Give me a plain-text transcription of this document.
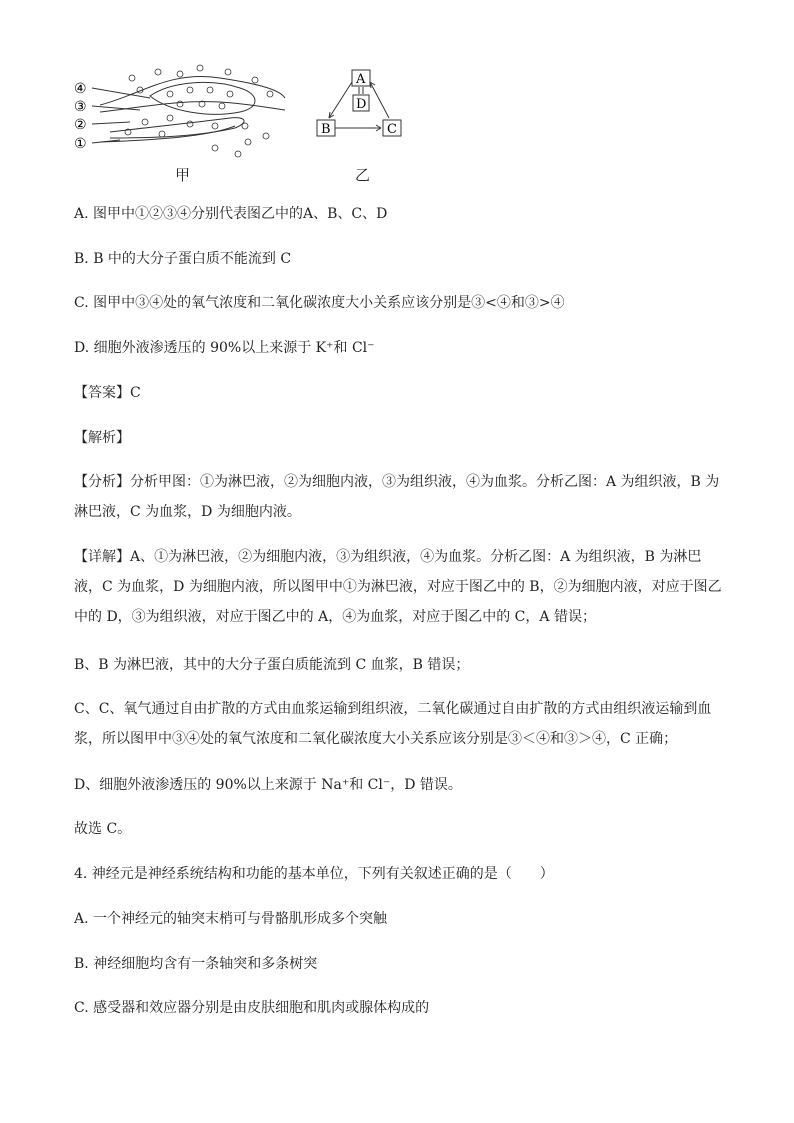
④
③
②
①
A
D
B	C
甲	乙
A. 图甲中①②③④分别代表图乙中的A、B、C、D
B. B 中的大分子蛋白质不能流到 C
C. 图甲中③④处的氧气浓度和二氧化碳浓度大小关系应该分别是③<④和③>④
D. 细胞外液渗透压的 90%以上来源于 K⁺和 Cl⁻
【答案】C
【解析】
【分析】分析甲图：①为淋巴液，②为细胞内液，③为组织液，④为血浆。分析乙图：A 为组织液，B 为淋巴液，C 为血浆，D 为细胞内液。
【详解】A、①为淋巴液，②为细胞内液，③为组织液，④为血浆。分析乙图：A 为组织液，B 为淋巴液，C 为血浆，D 为细胞内液，所以图甲中①为淋巴液，对应于图乙中的 B，②为细胞内液，对应于图乙中的 D，③为组织液，对应于图乙中的 A，④为血浆，对应于图乙中的 C，A 错误；
B、B 为淋巴液，其中的大分子蛋白质能流到 C 血浆，B 错误；
C、C、氧气通过自由扩散的方式由血浆运输到组织液，二氧化碳通过自由扩散的方式由组织液运输到血浆，所以图甲中③④处的氧气浓度和二氧化碳浓度大小关系应该分别是③＜④和③＞④，C 正确；
D、细胞外液渗透压的 90%以上来源于 Na⁺和 Cl⁻，D 错误。
故选 C。
4. 神经元是神经系统结构和功能的基本单位，下列有关叙述正确的是（　　）
A. 一个神经元的轴突末梢可与骨骼肌形成多个突触
B. 神经细胞均含有一条轴突和多条树突
C. 感受器和效应器分别是由皮肤细胞和肌肉或腺体构成的
